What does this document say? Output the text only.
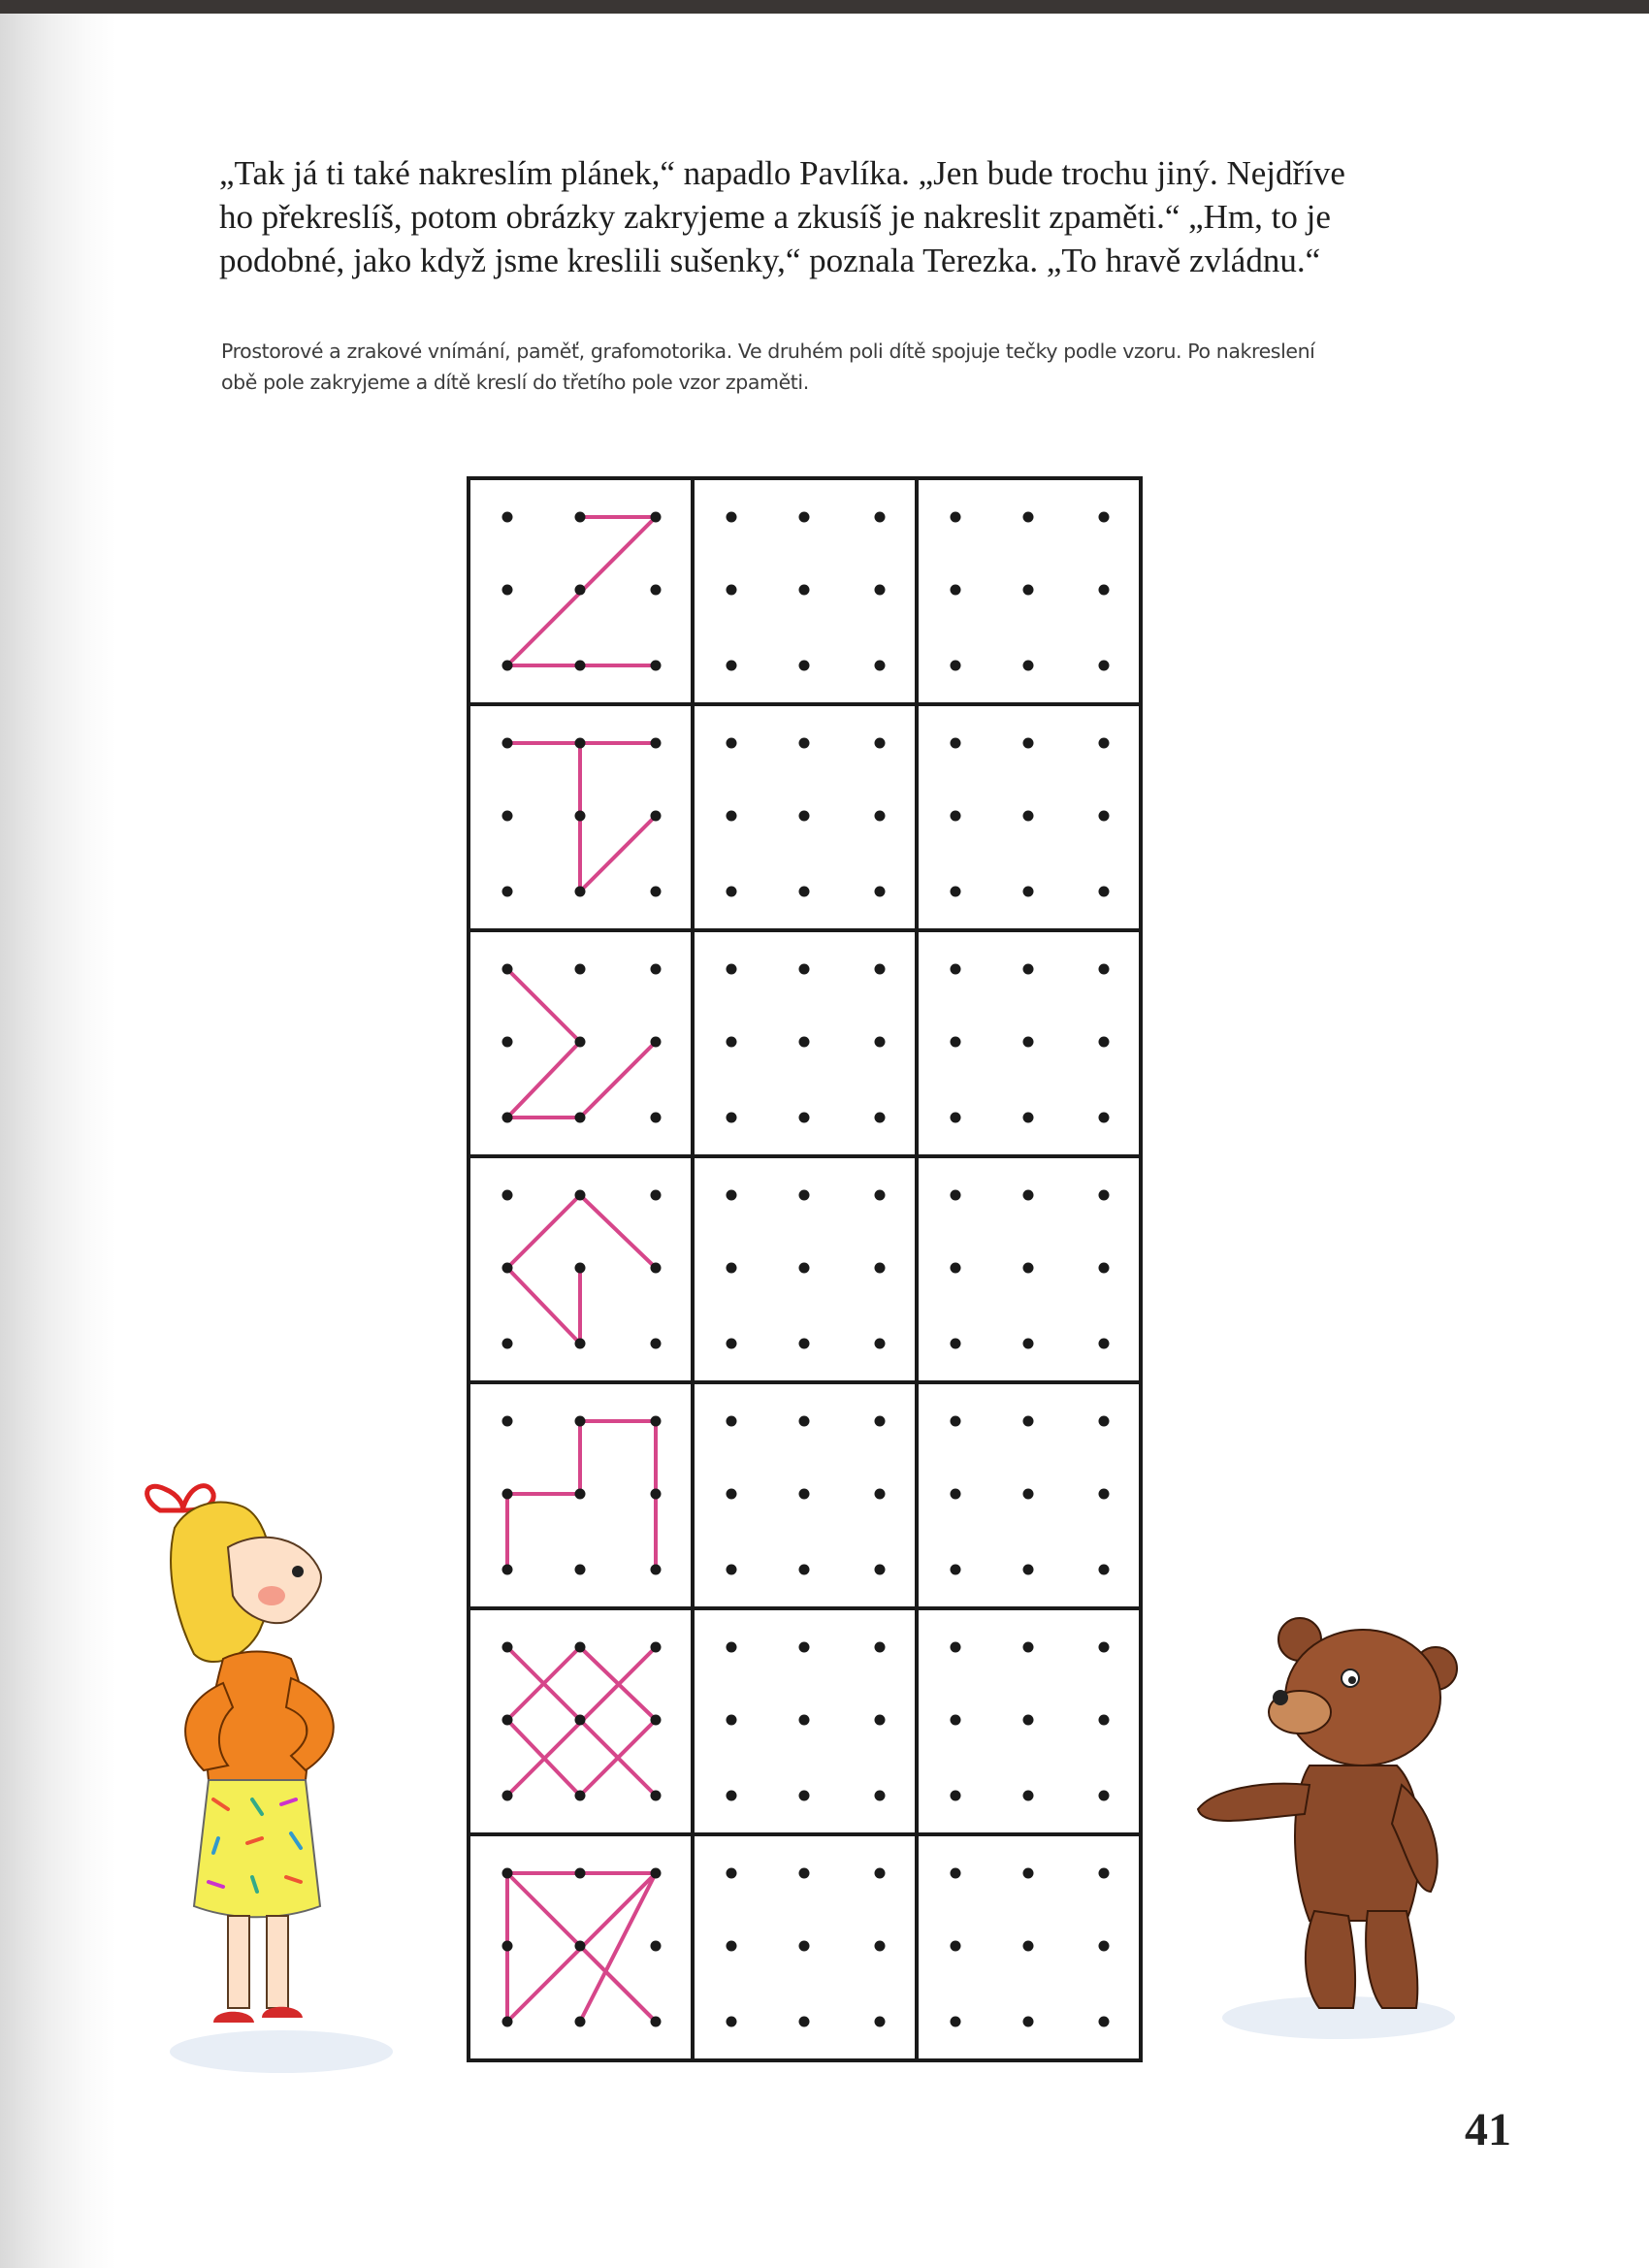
„Tak já ti také nakreslím plánek,“ napadlo Pavlíka. „Jen bude trochu jiný. Nejdříve
ho překreslíš, potom obrázky zakryjeme a zkusíš je nakreslit zpaměti.“ „Hm, to je
podobné, jako když jsme kreslili sušenky,“ poznala Terezka. „To hravě zvládnu.“
Prostorové a zrakové vnímání, paměť, grafomotorika. Ve druhém poli dítě spojuje tečky podle vzoru. Po nakreslení
obě pole zakryjeme a dítě kreslí do třetího pole vzor zpaměti.
41
